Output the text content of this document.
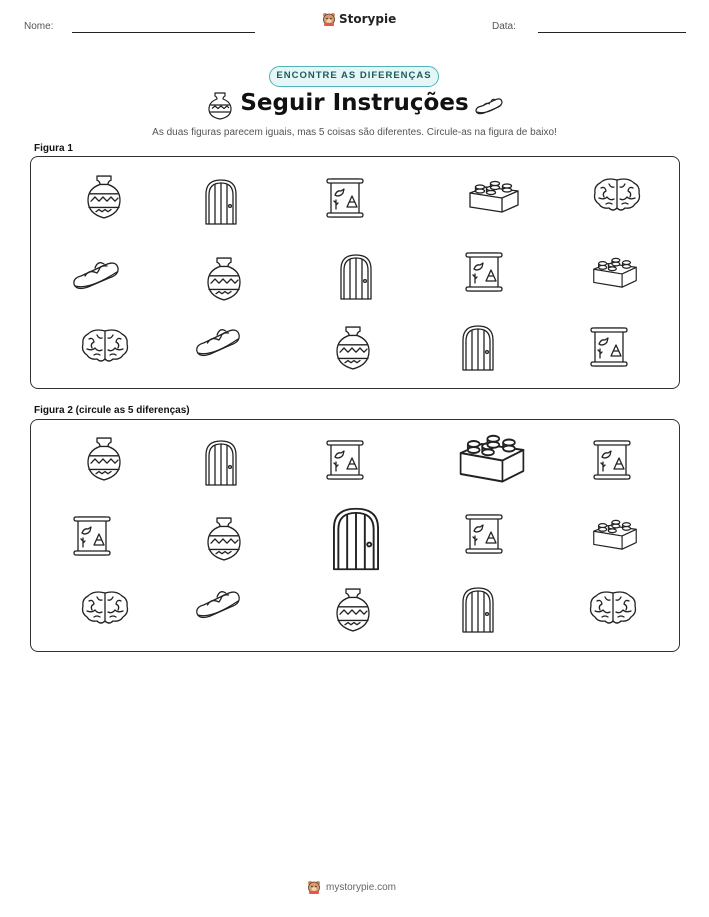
Nome:
Storypie
Data:
ENCONTRE AS DIFERENÇAS
Seguir Instruções
As duas figuras parecem iguais, mas 5 coisas são diferentes. Circule-as na figura de baixo!
Figura 1
Figura 2 (circule as 5 diferenças)
mystorypie.com
